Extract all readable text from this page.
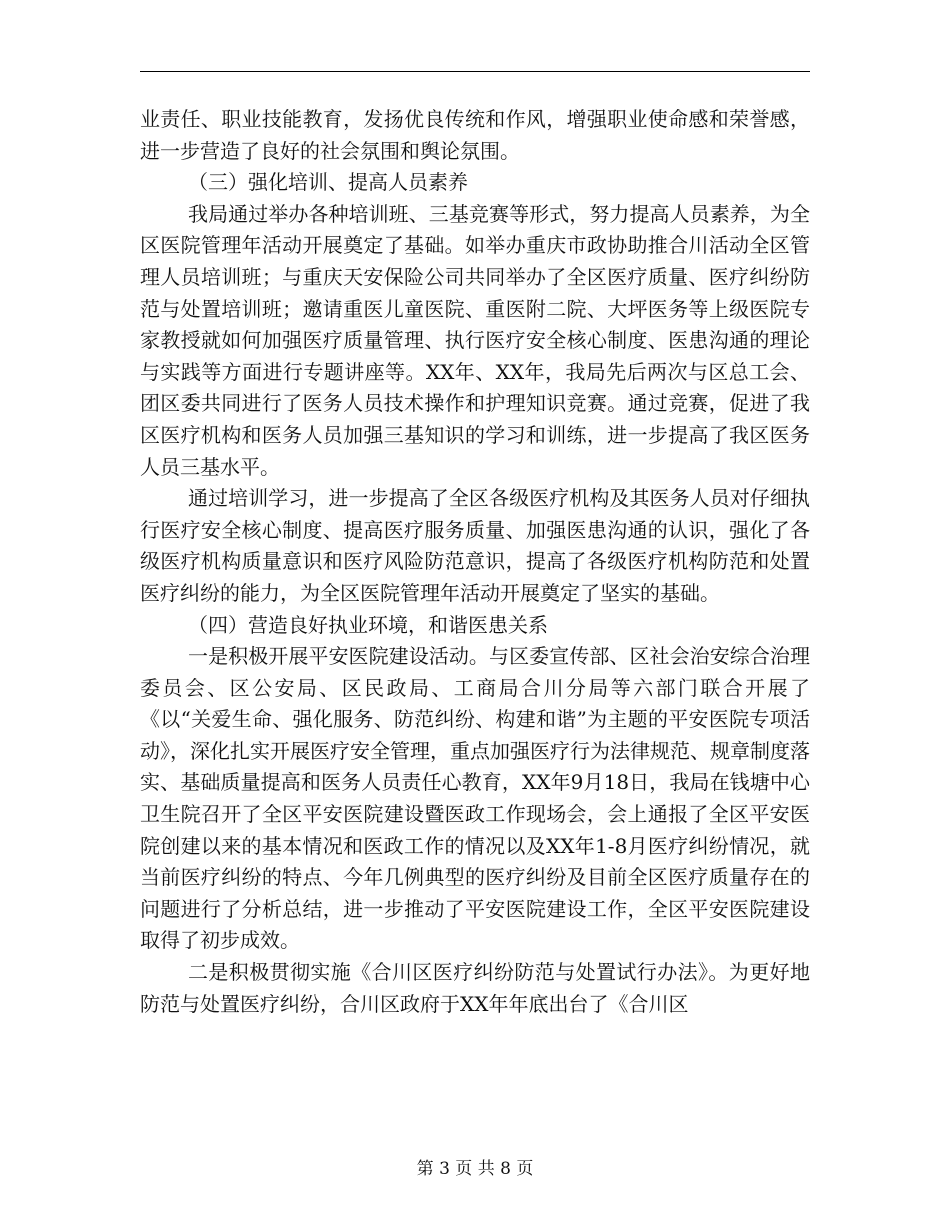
业责任、职业技能教育，发扬优良传统和作风，增强职业使命感和荣誉感，进一步营造了良好的社会氛围和舆论氛围。

（三）强化培训、提高人员素养

我局通过举办各种培训班、三基竞赛等形式，努力提高人员素养，为全区医院管理年活动开展奠定了基础。如举办重庆市政协助推合川活动全区管理人员培训班；与重庆天安保险公司共同举办了全区医疗质量、医疗纠纷防范与处置培训班；邀请重医儿童医院、重医附二院、大坪医务等上级医院专家教授就如何加强医疗质量管理、执行医疗安全核心制度、医患沟通的理论与实践等方面进行专题讲座等。XX年、XX年，我局先后两次与区总工会、团区委共同进行了医务人员技术操作和护理知识竞赛。通过竞赛，促进了我区医疗机构和医务人员加强三基知识的学习和训练，进一步提高了我区医务人员三基水平。

通过培训学习，进一步提高了全区各级医疗机构及其医务人员对仔细执行医疗安全核心制度、提高医疗服务质量、加强医患沟通的认识，强化了各级医疗机构质量意识和医疗风险防范意识，提高了各级医疗机构防范和处置医疗纠纷的能力，为全区医院管理年活动开展奠定了坚实的基础。

（四）营造良好执业环境，和谐医患关系

一是积极开展平安医院建设活动。与区委宣传部、区社会治安综合治理委员会、区公安局、区民政局、工商局合川分局等六部门联合开展了《以“关爱生命、强化服务、防范纠纷、构建和谐”为主题的平安医院专项活动》，深化扎实开展医疗安全管理，重点加强医疗行为法律规范、规章制度落实、基础质量提高和医务人员责任心教育，XX年9月18日，我局在钱塘中心卫生院召开了全区平安医院建设暨医政工作现场会，会上通报了全区平安医院创建以来的基本情况和医政工作的情况以及XX年1-8月医疗纠纷情况，就当前医疗纠纷的特点、今年几例典型的医疗纠纷及目前全区医疗质量存在的问题进行了分析总结，进一步推动了平安医院建设工作，全区平安医院建设取得了初步成效。

二是积极贯彻实施《合川区医疗纠纷防范与处置试行办法》。为更好地防范与处置医疗纠纷，合川区政府于XX年年底出台了《合川区

第 3 页 共 8 页
